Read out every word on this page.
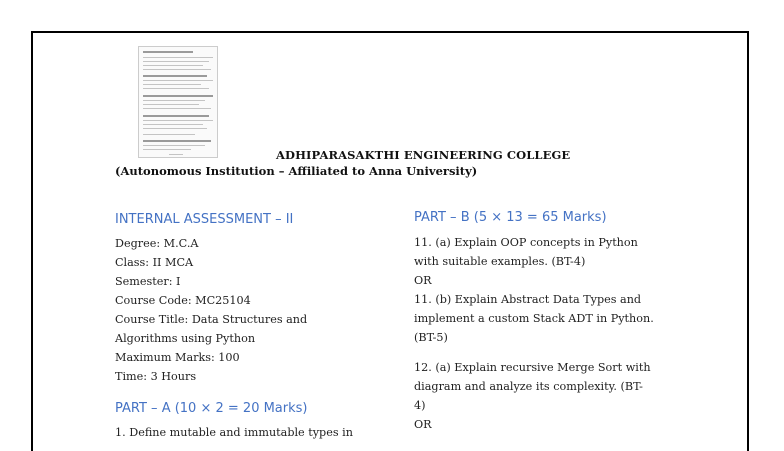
ADHIPARASAKTHI ENGINEERING COLLEGE
(Autonomous Institution – Affiliated to Anna University)
INTERNAL ASSESSMENT – II
Degree: M.C.A
Class: II MCA
Semester: I
Course Code: MC25104
Course Title: Data Structures and
Algorithms using Python
Maximum Marks: 100
Time: 3 Hours
PART – A (10 × 2 = 20 Marks)
1. Define mutable and immutable types in
PART – B (5 × 13 = 65 Marks)
11. (a) Explain OOP concepts in Python
with suitable examples. (BT-4)
OR
11. (b) Explain Abstract Data Types and
implement a custom Stack ADT in Python.
(BT-5)
12. (a) Explain recursive Merge Sort with
diagram and analyze its complexity. (BT-
4)
OR
